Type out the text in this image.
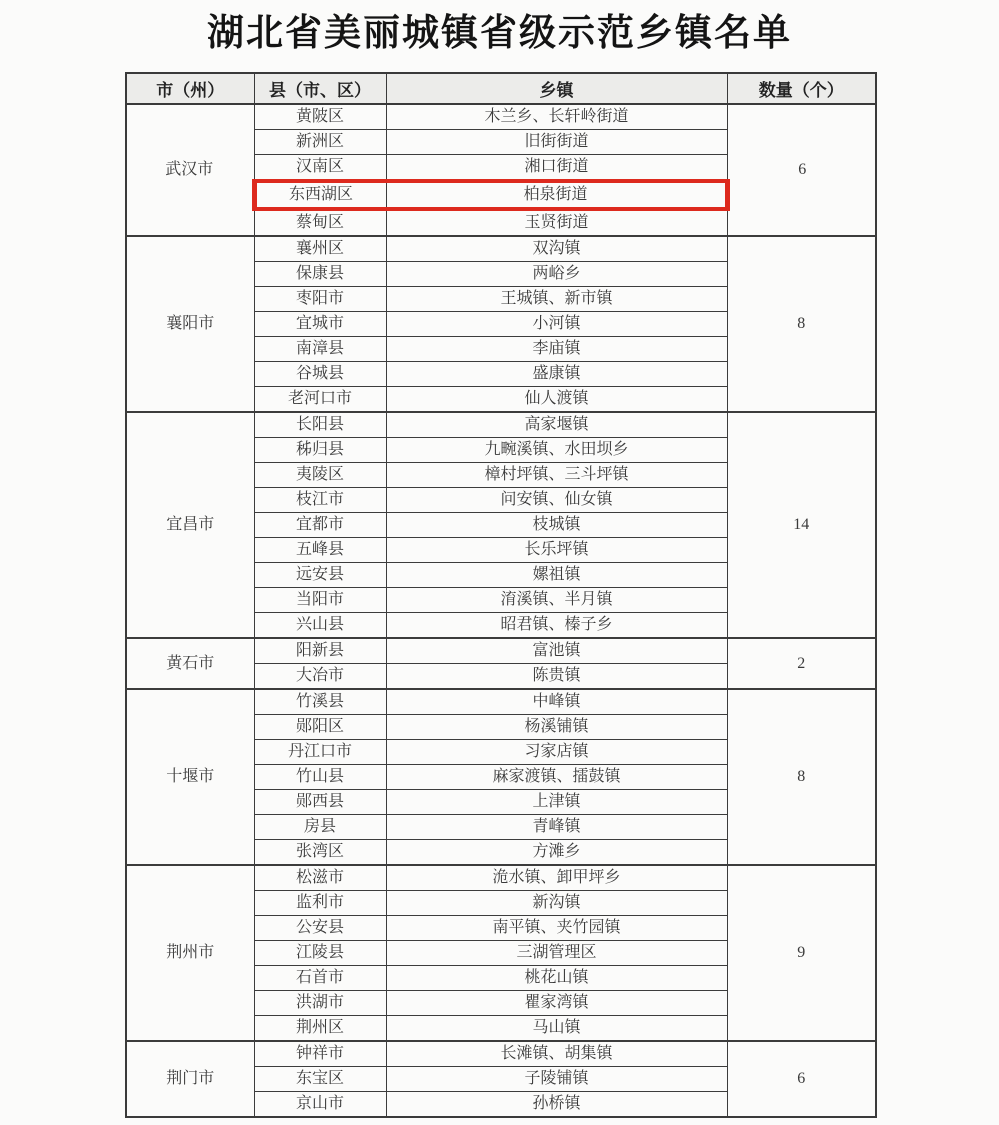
湖北省美丽城镇省级示范乡镇名单
市（州）	县（市、区）	乡镇	数量（个）
武汉市	黄陂区	木兰乡、长轩岭街道	6
	新洲区	旧街街道	
	汉南区	湘口街道	
	东西湖区	柏泉街道	
	蔡甸区	玉贤街道	
襄阳市	襄州区	双沟镇	8
	保康县	两峪乡	
	枣阳市	王城镇、新市镇	
	宜城市	小河镇	
	南漳县	李庙镇	
	谷城县	盛康镇	
	老河口市	仙人渡镇	
宜昌市	长阳县	高家堰镇	14
	秭归县	九畹溪镇、水田坝乡	
	夷陵区	樟村坪镇、三斗坪镇	
	枝江市	问安镇、仙女镇	
	宜都市	枝城镇	
	五峰县	长乐坪镇	
	远安县	嫘祖镇	
	当阳市	淯溪镇、半月镇	
	兴山县	昭君镇、榛子乡	
黄石市	阳新县	富池镇	2
	大冶市	陈贵镇	
十堰市	竹溪县	中峰镇	8
	郧阳区	杨溪铺镇	
	丹江口市	习家店镇	
	竹山县	麻家渡镇、擂鼓镇	
	郧西县	上津镇	
	房县	青峰镇	
	张湾区	方滩乡	
荆州市	松滋市	洈水镇、卸甲坪乡	9
	监利市	新沟镇	
	公安县	南平镇、夹竹园镇	
	江陵县	三湖管理区	
	石首市	桃花山镇	
	洪湖市	瞿家湾镇	
	荆州区	马山镇	
荆门市	钟祥市	长滩镇、胡集镇	6
	东宝区	子陵铺镇	
	京山市	孙桥镇	
